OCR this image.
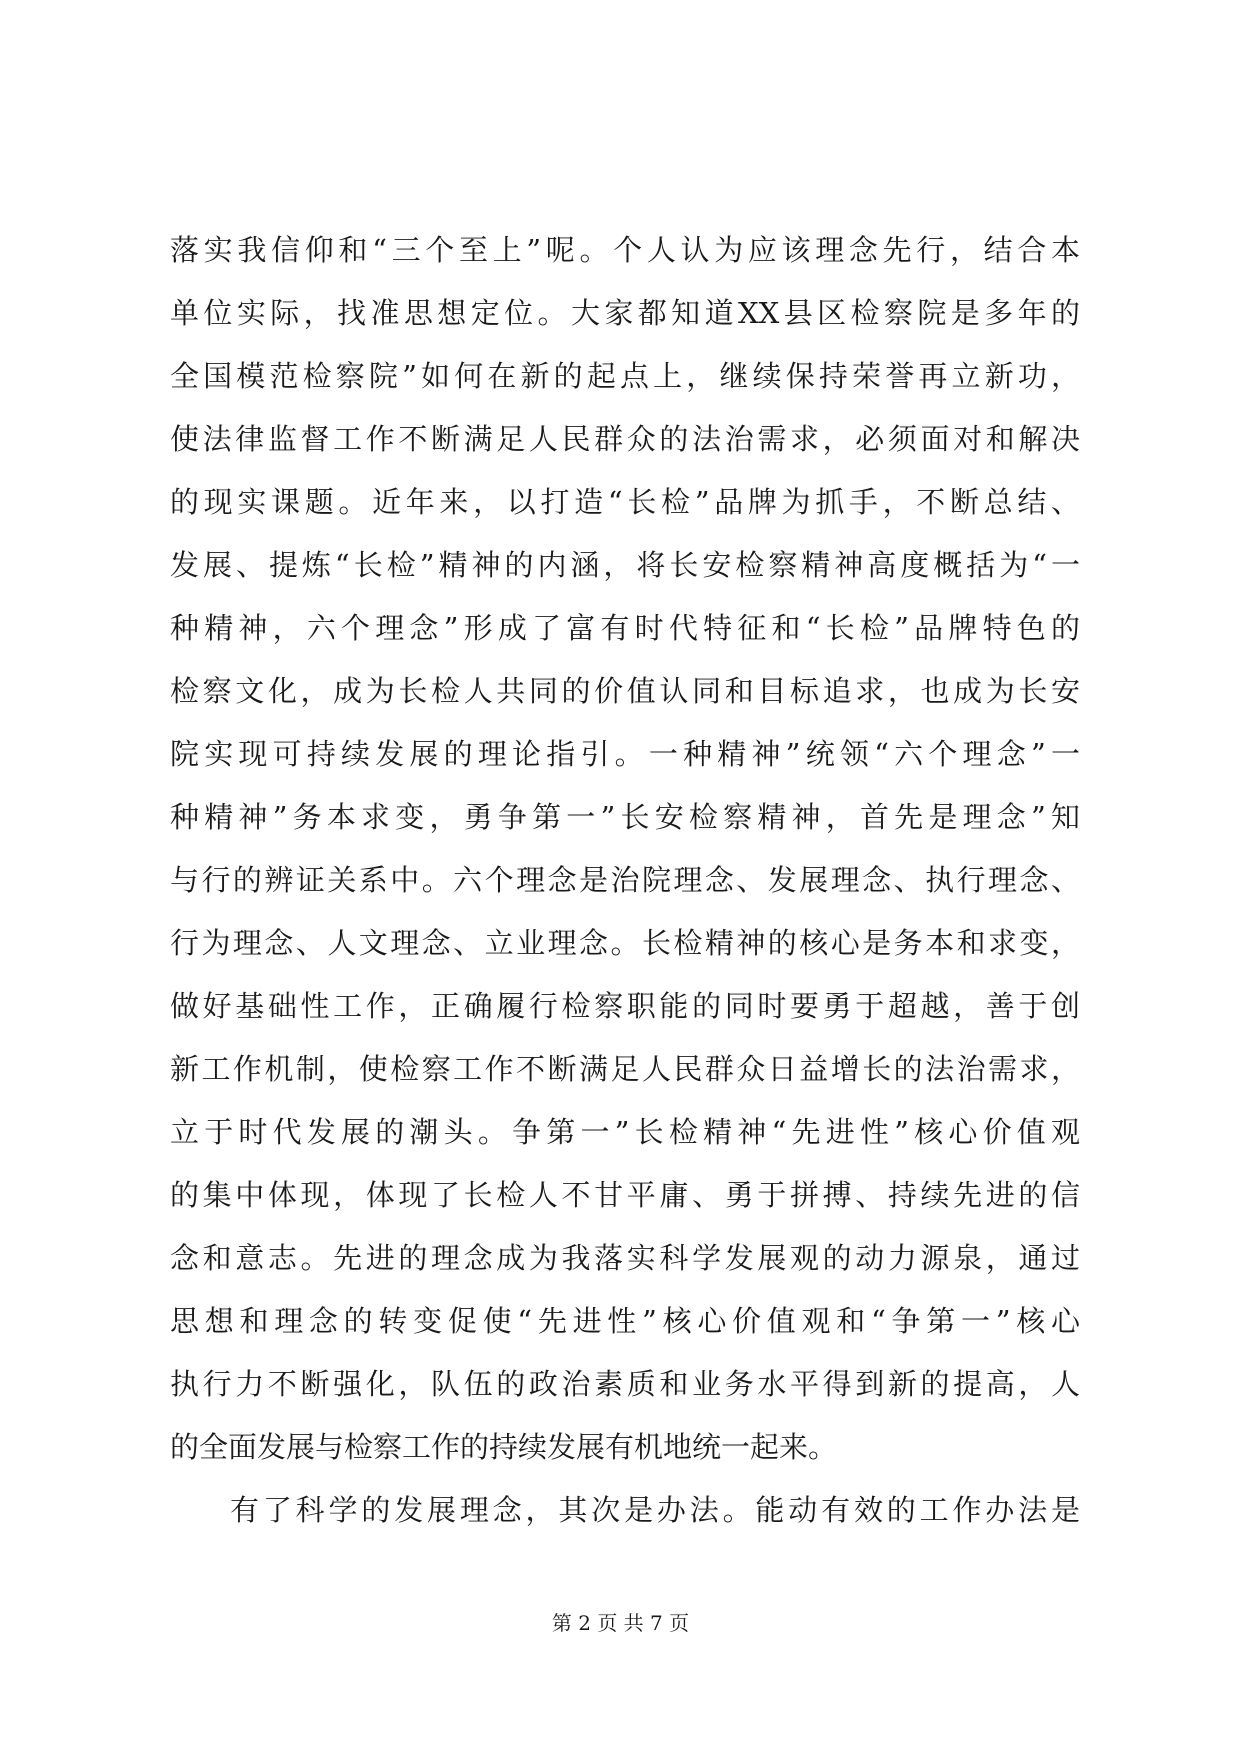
落实我信仰和“三个至上”呢。个人认为应该理念先行，结合本
单位实际，找准思想定位。大家都知道XX县区检察院是多年的
全国模范检察院”如何在新的起点上，继续保持荣誉再立新功，
使法律监督工作不断满足人民群众的法治需求，必须面对和解决
的现实课题。近年来，以打造“长检”品牌为抓手，不断总结、
发展、提炼“长检”精神的内涵，将长安检察精神高度概括为“一
种精神，六个理念”形成了富有时代特征和“长检”品牌特色的
检察文化，成为长检人共同的价值认同和目标追求，也成为长安
院实现可持续发展的理论指引。一种精神”统领“六个理念”一
种精神”务本求变，勇争第一”长安检察精神，首先是理念”知
与行的辨证关系中。六个理念是治院理念、发展理念、执行理念、
行为理念、人文理念、立业理念。长检精神的核心是务本和求变，
做好基础性工作，正确履行检察职能的同时要勇于超越，善于创
新工作机制，使检察工作不断满足人民群众日益增长的法治需求，
立于时代发展的潮头。争第一”长检精神“先进性”核心价值观
的集中体现，体现了长检人不甘平庸、勇于拼搏、持续先进的信
念和意志。先进的理念成为我落实科学发展观的动力源泉，通过
思想和理念的转变促使“先进性”核心价值观和“争第一”核心
执行力不断强化，队伍的政治素质和业务水平得到新的提高，人
的全面发展与检察工作的持续发展有机地统一起来。
有了科学的发展理念，其次是办法。能动有效的工作办法是
第 2 页 共 7 页
